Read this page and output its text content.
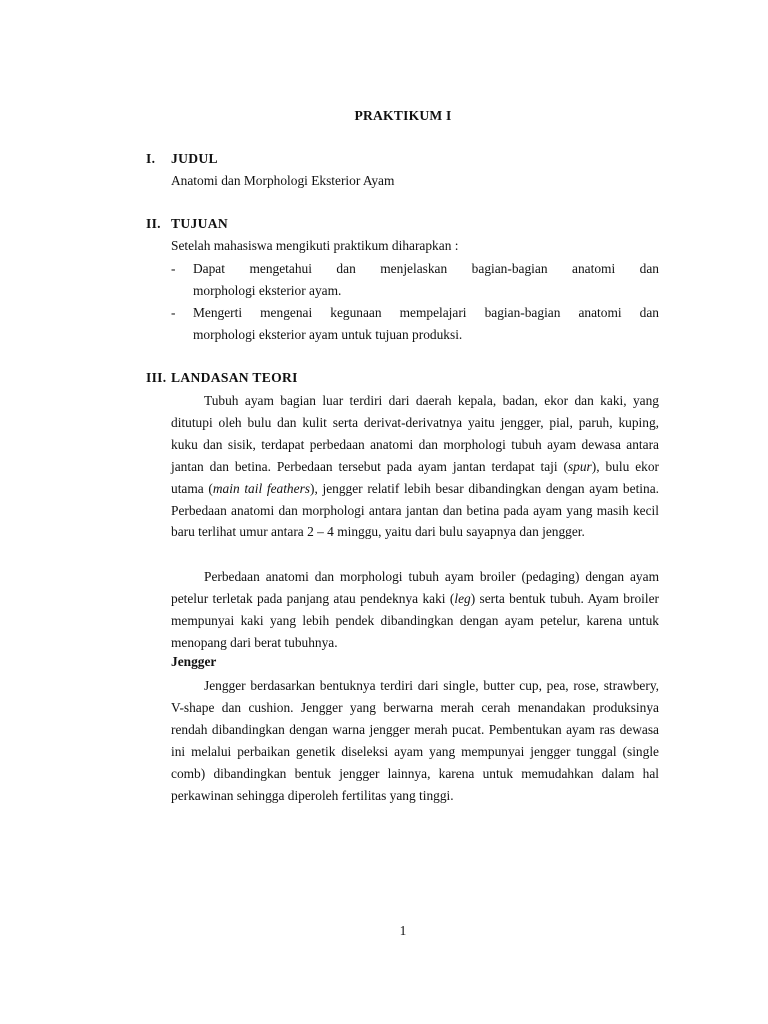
PRAKTIKUM I
I. JUDUL
Anatomi dan Morphologi Eksterior Ayam
II. TUJUAN
Setelah mahasiswa mengikuti praktikum diharapkan :
- Dapat mengetahui dan menjelaskan bagian-bagian anatomi dan
morphologi eksterior ayam.
- Mengerti mengenai kegunaan mempelajari bagian-bagian anatomi dan
morphologi eksterior ayam untuk tujuan produksi.
III. LANDASAN TEORI
Tubuh ayam bagian luar terdiri dari daerah kepala, badan, ekor dan kaki, yang ditutupi oleh bulu dan kulit serta derivat-derivatnya yaitu jengger, pial, paruh, kuping, kuku dan sisik, terdapat perbedaan anatomi dan morphologi tubuh ayam dewasa antara jantan dan betina. Perbedaan tersebut pada ayam jantan terdapat taji (spur), bulu ekor utama (main tail feathers), jengger relatif lebih besar dibandingkan dengan ayam betina. Perbedaan anatomi dan morphologi antara jantan dan betina pada ayam yang masih kecil baru terlihat umur antara 2 – 4 minggu, yaitu dari bulu sayapnya dan jengger.
Perbedaan anatomi dan morphologi tubuh ayam broiler (pedaging) dengan ayam petelur terletak pada panjang atau pendeknya kaki (leg) serta bentuk tubuh. Ayam broiler mempunyai kaki yang lebih pendek dibandingkan dengan ayam petelur, karena untuk menopang dari berat tubuhnya.
Jengger
Jengger berdasarkan bentuknya terdiri dari single, butter cup, pea, rose, strawbery, V-shape dan cushion. Jengger yang berwarna merah cerah menandakan produksinya rendah dibandingkan dengan warna jengger merah pucat. Pembentukan ayam ras dewasa ini melalui perbaikan genetik diseleksi ayam yang mempunyai jengger tunggal (single comb) dibandingkan bentuk jengger lainnya, karena untuk memudahkan dalam hal perkawinan sehingga diperoleh fertilitas yang tinggi.
1
